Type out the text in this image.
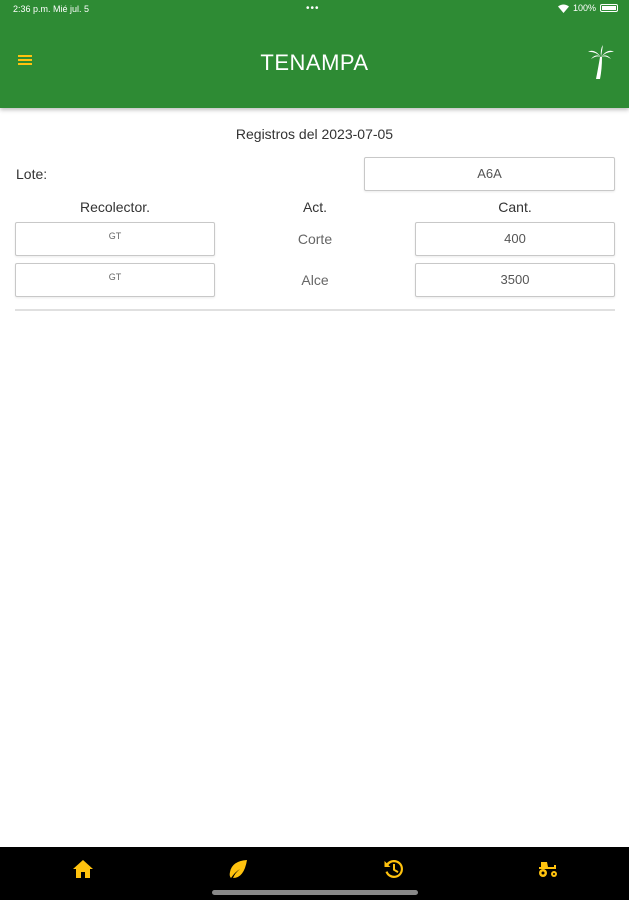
2:36 p.m. Mié jul. 5	•••	100%
TENAMPA
Registros del 2023-07-05
Lote:	A6A
Recolector.	Act.	Cant.
GT	Corte	400
GT	Alce	3500
